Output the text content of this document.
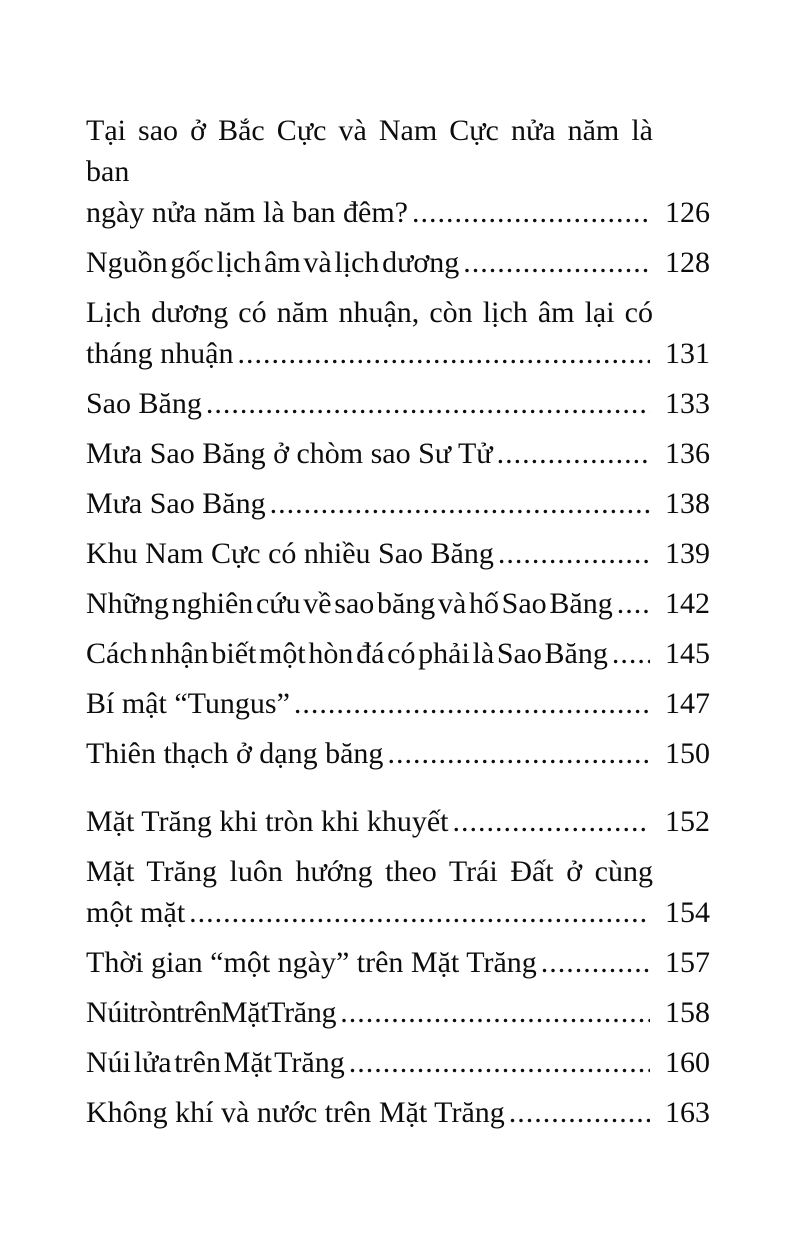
Tại sao ở Bắc Cực và Nam Cực nửa năm là ban
ngày nửa năm là ban đêm? .....	126
Nguồn gốc lịch âm và lịch dương .....	128
Lịch dương có năm nhuận, còn lịch âm lại có
tháng nhuận .....	131
Sao Băng .....	133
Mưa Sao Băng ở chòm sao Sư Tử .....	136
Mưa Sao Băng .....	138
Khu Nam Cực có nhiều Sao Băng .....	139
Những nghiên cứu về sao băng và hố Sao Băng ..... 142
Cách nhận biết một hòn đá có phải là Sao Băng ..... 145
Bí mật “Tungus” .....	147
Thiên thạch ở dạng băng .....	150
Mặt Trăng khi tròn khi khuyết .....	152
Mặt Trăng luôn hướng theo Trái Đất ở cùng
một mặt .....	154
Thời gian “một ngày” trên Mặt Trăng .....	157
Núi tròn trên Mặt Trăng .....	158
Núi lửa trên Mặt Trăng .....	160
Không khí và nước trên Mặt Trăng .....	163
